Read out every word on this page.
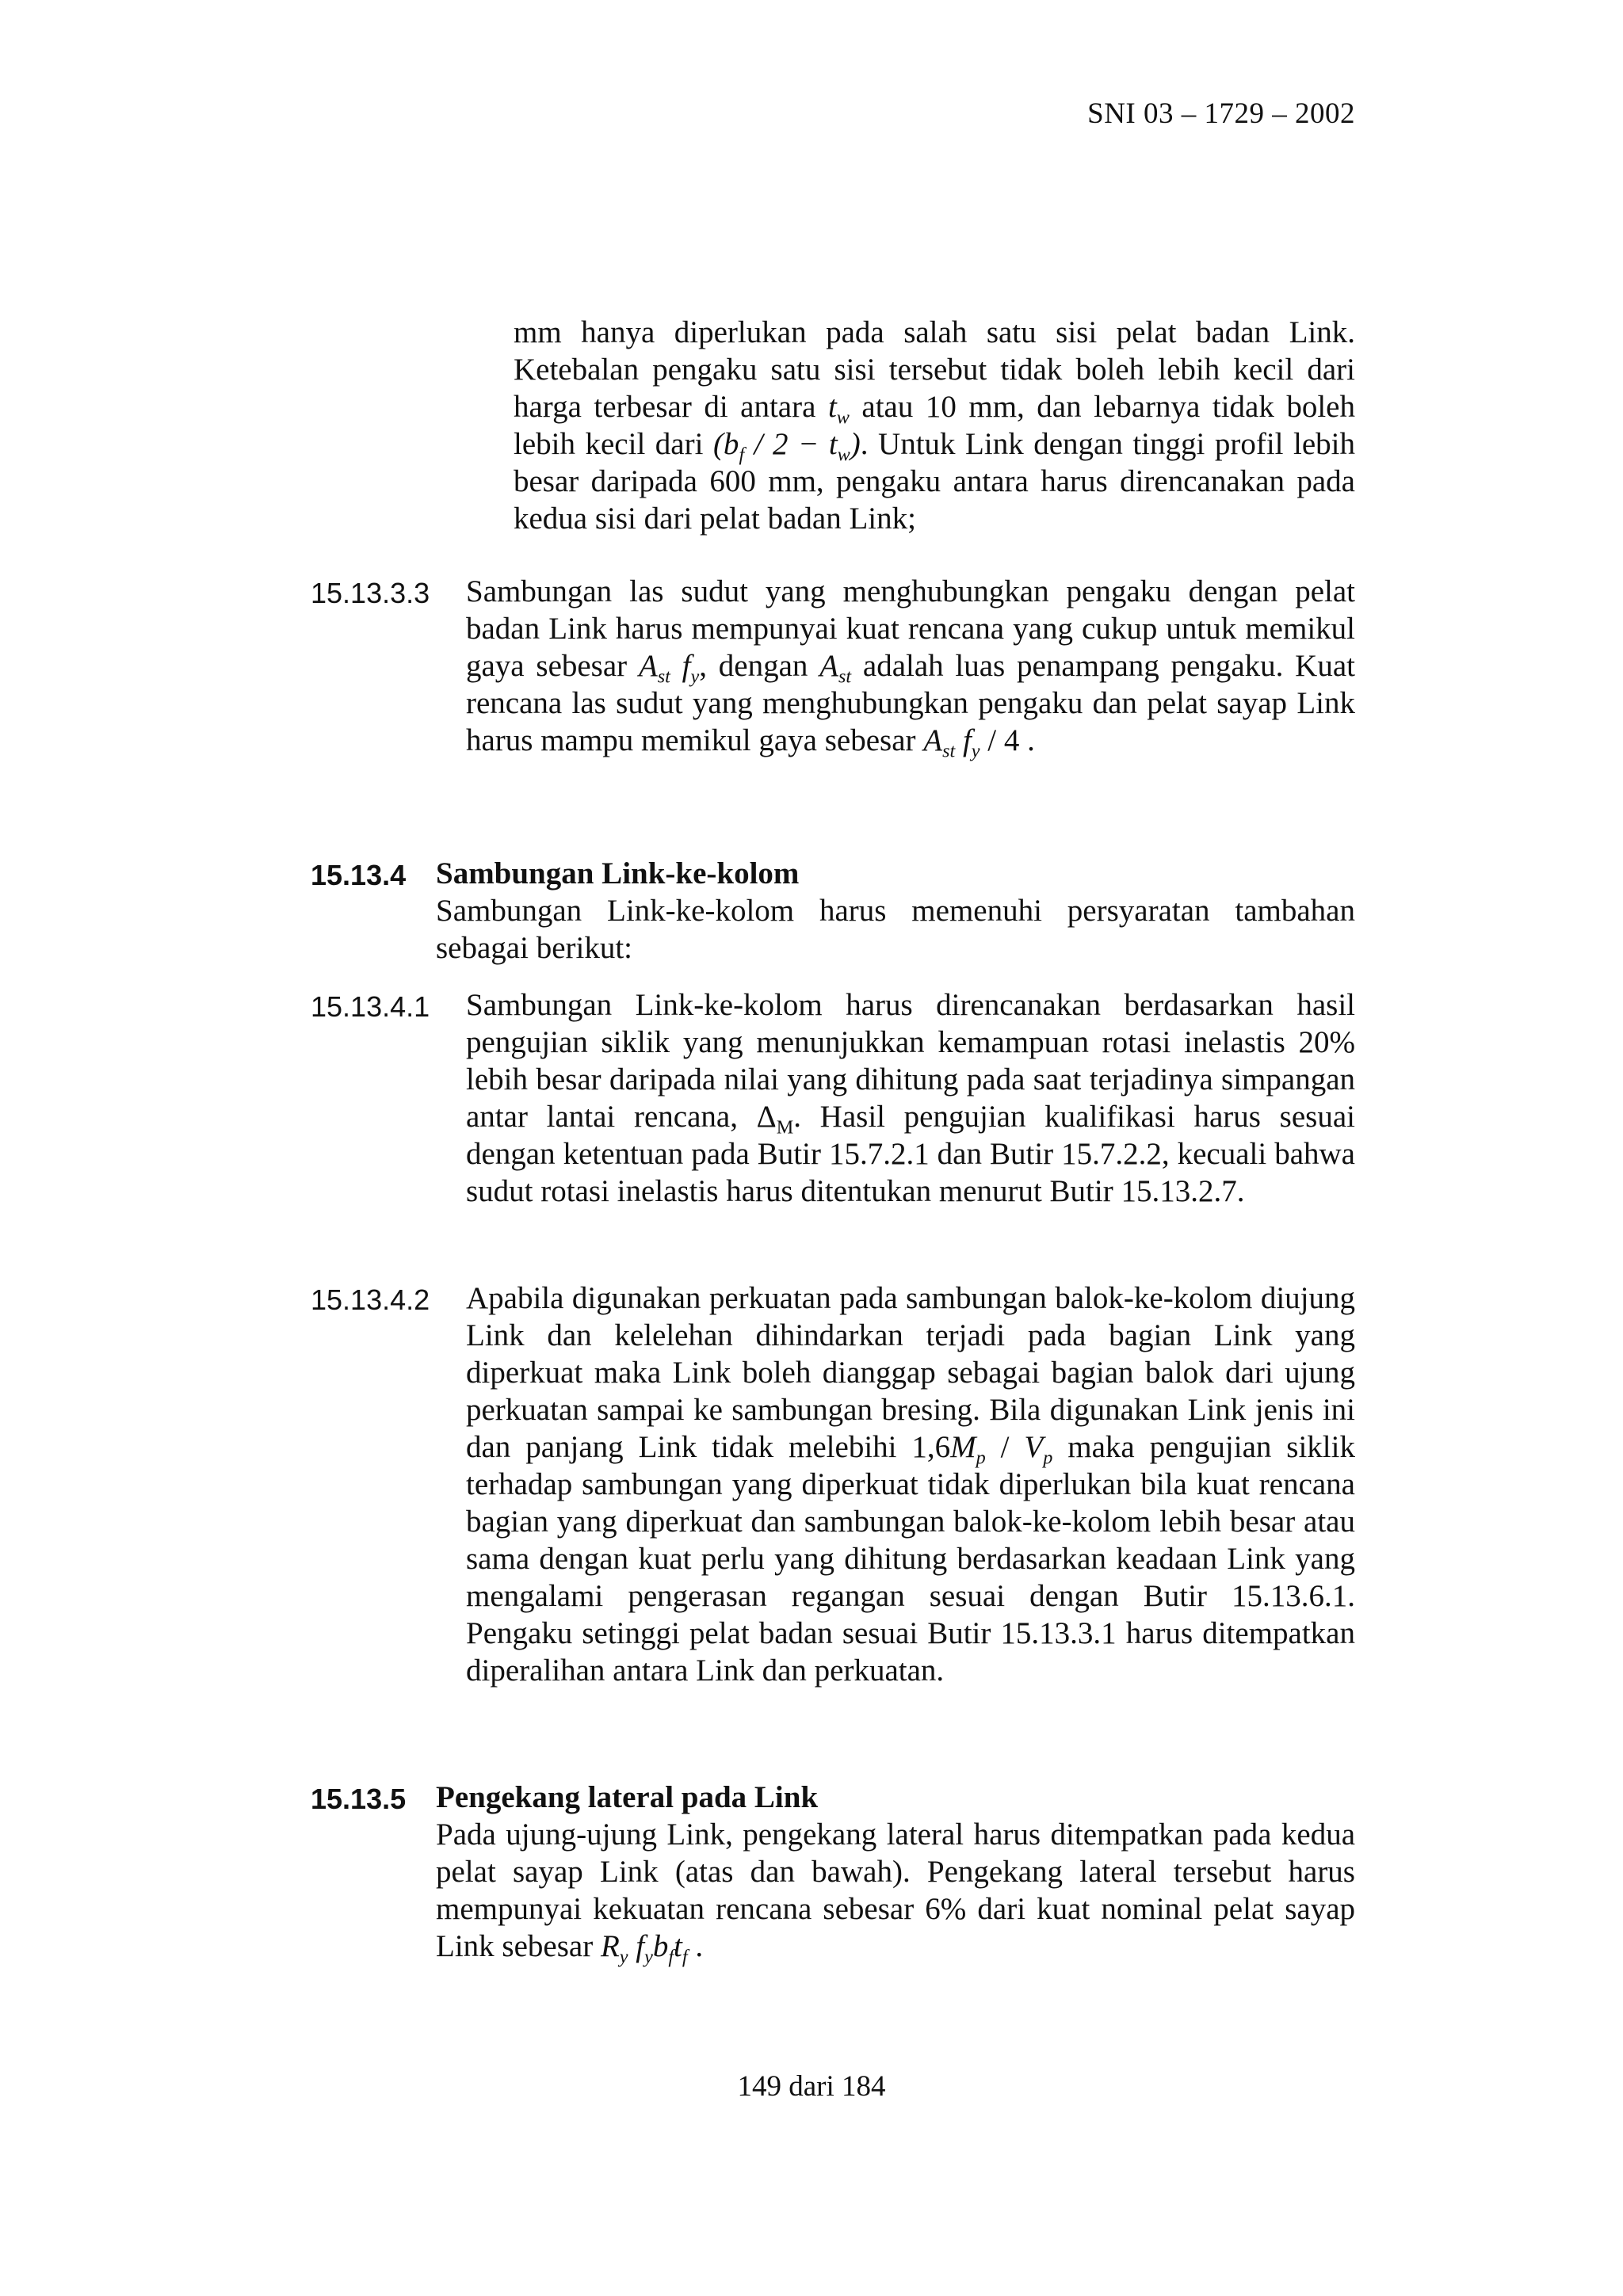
SNI 03 – 1729 – 2002
mm hanya diperlukan pada salah satu sisi pelat badan Link. Ketebalan pengaku satu sisi tersebut tidak boleh lebih kecil dari harga terbesar di antara $t_w$ atau 10 mm, dan lebarnya tidak boleh lebih kecil dari $(b_f / 2 - t_w)$. Untuk Link dengan tinggi profil lebih besar daripada 600 mm, pengaku antara harus direncanakan pada kedua sisi dari pelat badan Link;
15.13.3.3 Sambungan las sudut yang menghubungkan pengaku dengan pelat badan Link harus mempunyai kuat rencana yang cukup untuk memikul gaya sebesar $A_{st}$ $f_y$, dengan $A_{st}$ adalah luas penampang pengaku. Kuat rencana las sudut yang menghubungkan pengaku dan pelat sayap Link harus mampu memikul gaya sebesar $A_{st}$ $f_y / 4$ .
15.13.4 Sambungan Link-ke-kolom
Sambungan Link-ke-kolom harus memenuhi persyaratan tambahan sebagai berikut:
15.13.4.1 Sambungan Link-ke-kolom harus direncanakan berdasarkan hasil pengujian siklik yang menunjukkan kemampuan rotasi inelastis 20% lebih besar daripada nilai yang dihitung pada saat terjadinya simpangan antar lantai rencana, $\Delta_M$. Hasil pengujian kualifikasi harus sesuai dengan ketentuan pada Butir 15.7.2.1 dan Butir 15.7.2.2, kecuali bahwa sudut rotasi inelastis harus ditentukan menurut Butir 15.13.2.7.
15.13.4.2 Apabila digunakan perkuatan pada sambungan balok-ke-kolom diujung Link dan kelelehan dihindarkan terjadi pada bagian Link yang diperkuat maka Link boleh dianggap sebagai bagian balok dari ujung perkuatan sampai ke sambungan bresing. Bila digunakan Link jenis ini dan panjang Link tidak melebihi $1,6M_p / V_p$ maka pengujian siklik terhadap sambungan yang diperkuat tidak diperlukan bila kuat rencana bagian yang diperkuat dan sambungan balok-ke-kolom lebih besar atau sama dengan kuat perlu yang dihitung berdasarkan keadaan Link yang mengalami pengerasan regangan sesuai dengan Butir 15.13.6.1. Pengaku setinggi pelat badan sesuai Butir 15.13.3.1 harus ditempatkan diperalihan antara Link dan perkuatan.
15.13.5 Pengekang lateral pada Link
Pada ujung-ujung Link, pengekang lateral harus ditempatkan pada kedua pelat sayap Link (atas dan bawah). Pengekang lateral tersebut harus mempunyai kekuatan rencana sebesar 6% dari kuat nominal pelat sayap Link sebesar $R_y$ $f_yb_ft_f$ .
149 dari 184
